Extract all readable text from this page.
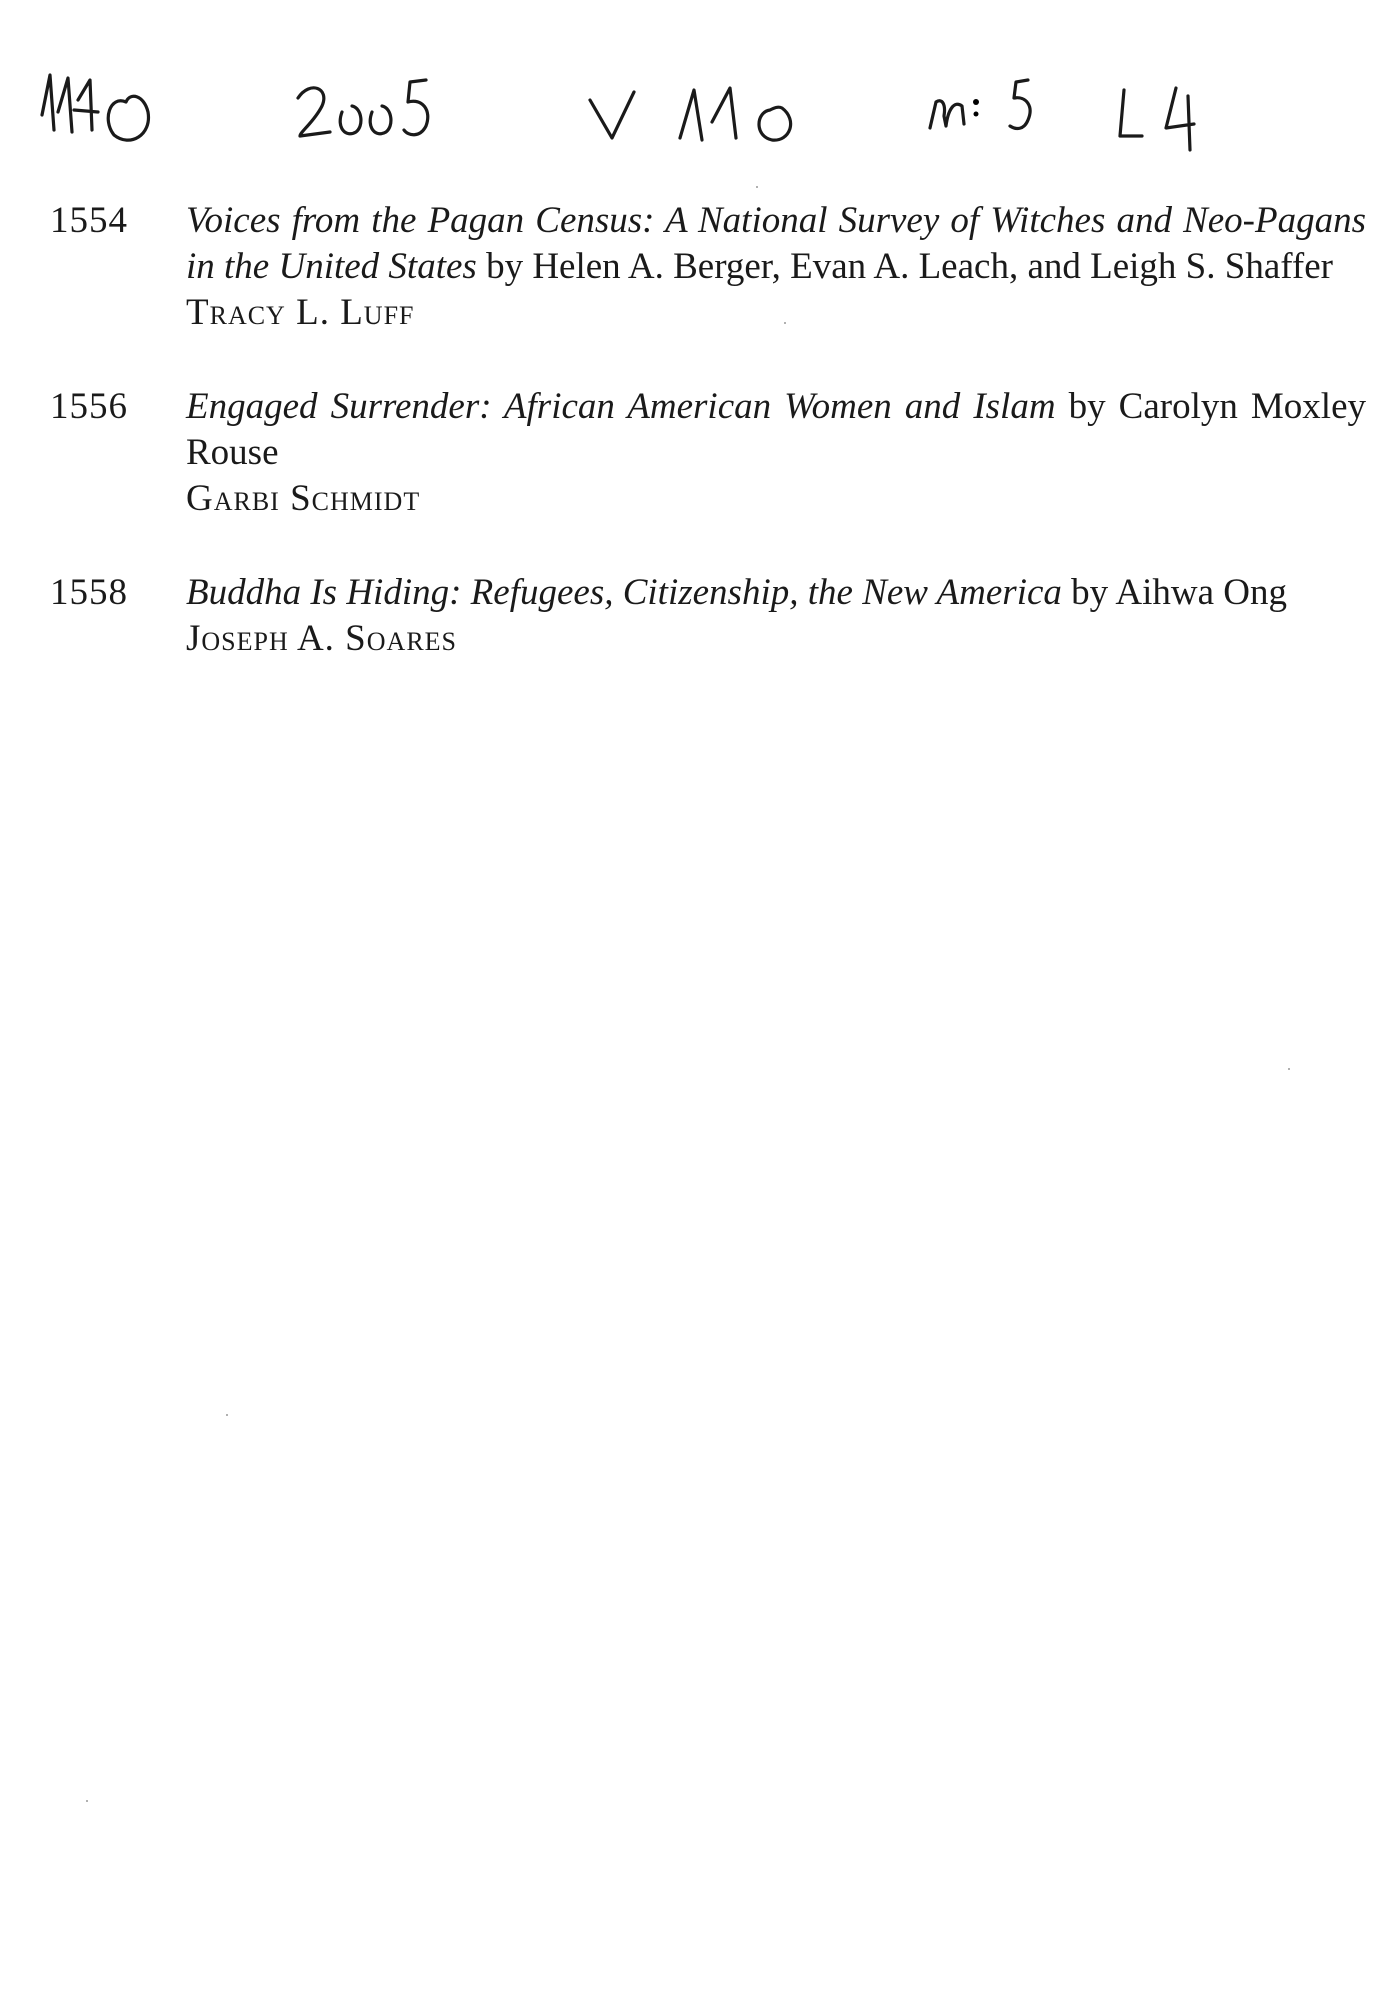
1554	Voices from the Pagan Census: A National Survey of Witches and Neo-Pagans in the United States by Helen A. Berger, Evan A. Leach, and Leigh S. Shaffer
Tracy L. Luff
1556	Engaged Surrender: African American Women and Islam by Carolyn Moxley Rouse
Garbi Schmidt
1558	Buddha Is Hiding: Refugees, Citizenship, the New America by Aihwa Ong
Joseph A. Soares
